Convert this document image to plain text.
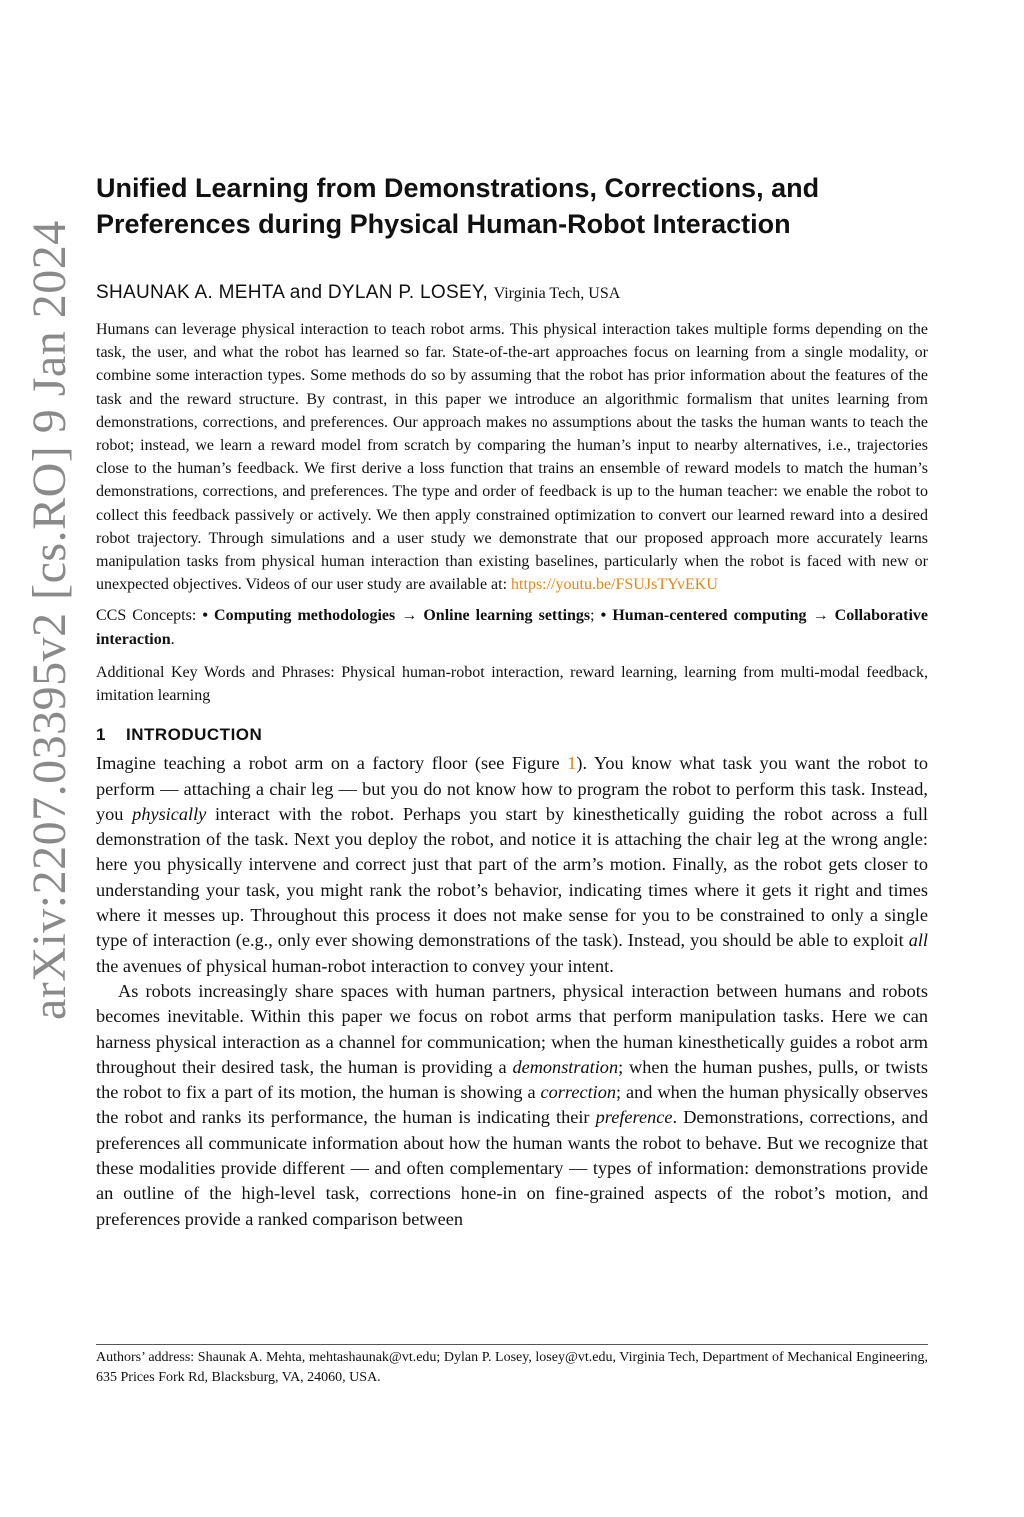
arXiv:2207.03395v2 [cs.RO] 9 Jan 2024
Unified Learning from Demonstrations, Corrections, and Preferences during Physical Human-Robot Interaction
SHAUNAK A. MEHTA and DYLAN P. LOSEY, Virginia Tech, USA

Humans can leverage physical interaction to teach robot arms. This physical interaction takes multiple forms depending on the task, the user, and what the robot has learned so far. State-of-the-art approaches focus on learning from a single modality, or combine some interaction types. Some methods do so by assuming that the robot has prior information about the features of the task and the reward structure. By contrast, in this paper we introduce an algorithmic formalism that unites learning from demonstrations, corrections, and preferences. Our approach makes no assumptions about the tasks the human wants to teach the robot; instead, we learn a reward model from scratch by comparing the human’s input to nearby alternatives, i.e., trajectories close to the human’s feedback. We first derive a loss function that trains an ensemble of reward models to match the human’s demonstrations, corrections, and preferences. The type and order of feedback is up to the human teacher: we enable the robot to collect this feedback passively or actively. We then apply constrained optimization to convert our learned reward into a desired robot trajectory. Through simulations and a user study we demonstrate that our proposed approach more accurately learns manipulation tasks from physical human interaction than existing baselines, particularly when the robot is faced with new or unexpected objectives. Videos of our user study are available at: https://youtu.be/FSUJsTYvEKU

CCS Concepts: • Computing methodologies → Online learning settings; • Human-centered computing → Collaborative interaction.
Additional Key Words and Phrases: Physical human-robot interaction, reward learning, learning from multi-modal feedback, imitation learning
1 INTRODUCTION

Imagine teaching a robot arm on a factory floor (see Figure 1). You know what task you want the robot to perform — attaching a chair leg — but you do not know how to program the robot to perform this task. Instead, you physically interact with the robot. Perhaps you start by kinesthetically guiding the robot across a full demonstration of the task. Next you deploy the robot, and notice it is attaching the chair leg at the wrong angle: here you physically intervene and correct just that part of the arm’s motion. Finally, as the robot gets closer to understanding your task, you might rank the robot’s behavior, indicating times where it gets it right and times where it messes up. Throughout this process it does not make sense for you to be constrained to only a single type of interaction (e.g., only ever showing demonstrations of the task). Instead, you should be able to exploit all the avenues of physical human-robot interaction to convey your intent.

As robots increasingly share spaces with human partners, physical interaction between humans and robots becomes inevitable. Within this paper we focus on robot arms that perform manipulation tasks. Here we can harness physical interaction as a channel for communication; when the human kinesthetically guides a robot arm throughout their desired task, the human is providing a demonstration; when the human pushes, pulls, or twists the robot to fix a part of its motion, the human is showing a correction; and when the human physically observes the robot and ranks its performance, the human is indicating their preference. Demonstrations, corrections, and preferences all communicate information about how the human wants the robot to behave. But we recognize that these modalities provide different — and often complementary — types of information: demonstrations provide an outline of the high-level task, corrections hone-in on fine-grained aspects of the robot’s motion, and preferences provide a ranked comparison between

Authors’ address: Shaunak A. Mehta, mehtashaunak@vt.edu; Dylan P. Losey, losey@vt.edu, Virginia Tech, Department of Mechanical Engineering, 635 Prices Fork Rd, Blacksburg, VA, 24060, USA.
